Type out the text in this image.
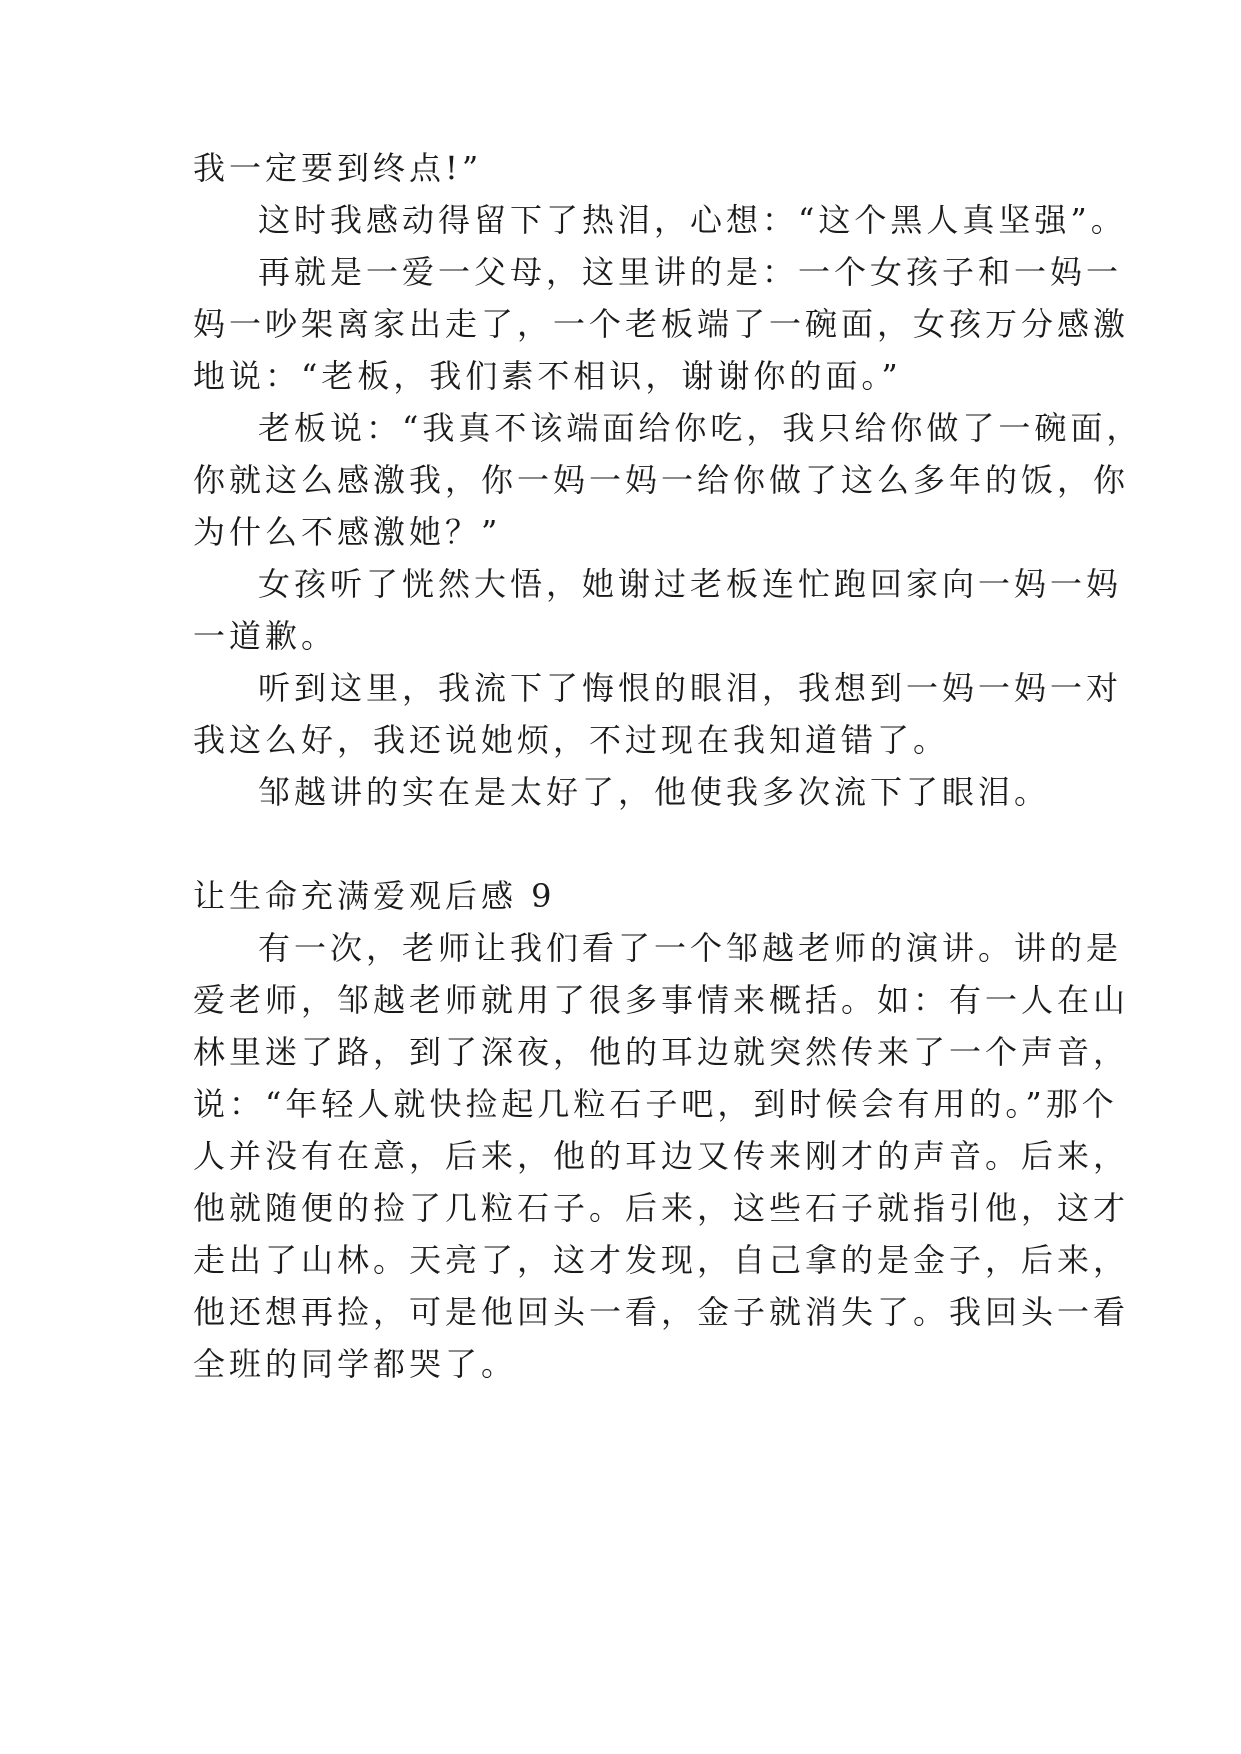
我一定要到终点!”
这时我感动得留下了热泪，心想：“这个黑人真坚强”。
再就是一爱一父母，这里讲的是：一个女孩子和一妈一
妈一吵架离家出走了，一个老板端了一碗面，女孩万分感激
地说：“老板，我们素不相识，谢谢你的面。”
老板说：“我真不该端面给你吃，我只给你做了一碗面，
你就这么感激我，你一妈一妈一给你做了这么多年的饭，你
为什么不感激她？”
女孩听了恍然大悟，她谢过老板连忙跑回家向一妈一妈
一道歉。
听到这里，我流下了悔恨的眼泪，我想到一妈一妈一对
我这么好，我还说她烦，不过现在我知道错了。
邹越讲的实在是太好了，他使我多次流下了眼泪。
让生命充满爱观后感 9
有一次，老师让我们看了一个邹越老师的演讲。讲的是
爱老师，邹越老师就用了很多事情来概括。如：有一人在山
林里迷了路，到了深夜，他的耳边就突然传来了一个声音，
说：“年轻人就快捡起几粒石子吧，到时候会有用的。”那个
人并没有在意，后来，他的耳边又传来刚才的声音。后来，
他就随便的捡了几粒石子。后来，这些石子就指引他，这才
走出了山林。天亮了，这才发现，自己拿的是金子，后来，
他还想再捡，可是他回头一看，金子就消失了。我回头一看
全班的同学都哭了。
